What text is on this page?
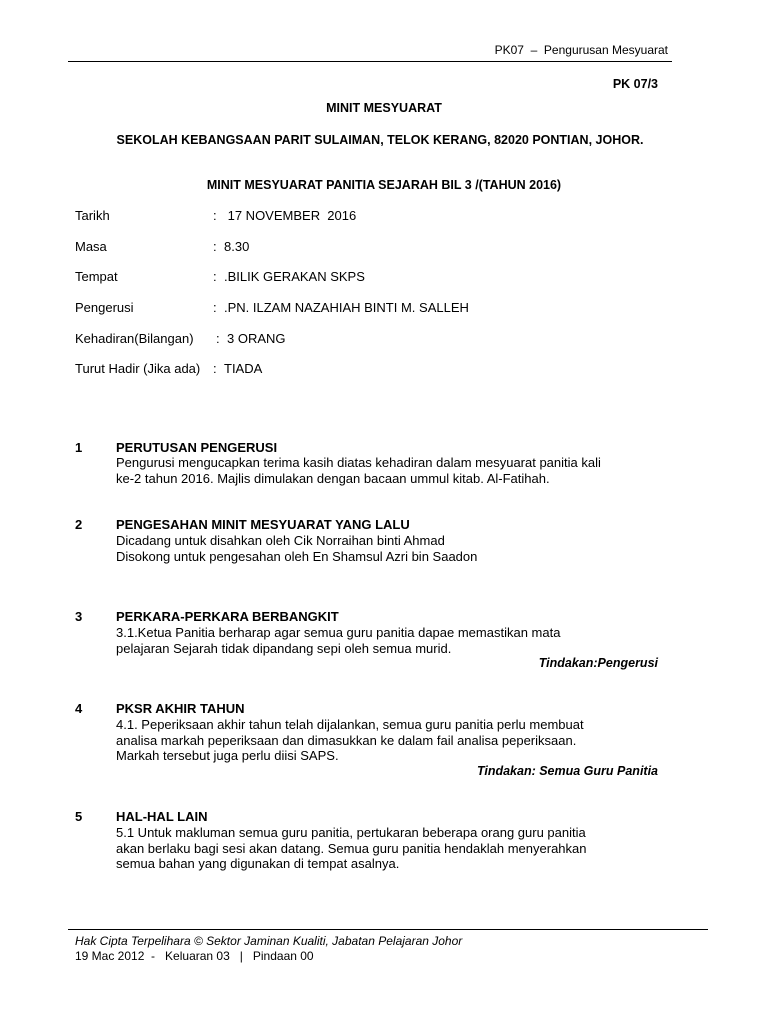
PK07  –  Pengurusan Mesyuarat
PK 07/3
MINIT MESYUARAT
SEKOLAH KEBANGSAAN PARIT SULAIMAN, TELOK KERANG, 82020 PONTIAN, JOHOR.
MINIT MESYUARAT PANITIA SEJARAH BIL 3 /(TAHUN 2016)
Tarikh	: 17 NOVEMBER  2016
Masa	: 8.30
Tempat	: .BILIK GERAKAN SKPS
Pengerusi	: .PN. ILZAM NAZAHIAH BINTI M. SALLEH
Kehadiran(Bilangan) : 3 ORANG
Turut Hadir (Jika ada) : TIADA
1	PERUTUSAN PENGERUSI
Pengurusi mengucapkan terima kasih diatas kehadiran dalam mesyuarat panitia kali
ke-2 tahun 2016. Majlis dimulakan dengan bacaan ummul kitab. Al-Fatihah.
2	PENGESAHAN MINIT MESYUARAT YANG LALU
Dicadang untuk disahkan oleh Cik Norraihan binti Ahmad
Disokong untuk pengesahan oleh En Shamsul Azri bin Saadon
3	PERKARA-PERKARA BERBANGKIT
3.1.Ketua Panitia berharap agar semua guru panitia dapae memastikan mata
pelajaran Sejarah tidak dipandang sepi oleh semua murid.
Tindakan:Pengerusi
4	PKSR AKHIR TAHUN
4.1. Peperiksaan akhir tahun telah dijalankan, semua guru panitia perlu membuat
analisa markah peperiksaan dan dimasukkan ke dalam fail analisa peperiksaan.
Markah tersebut juga perlu diisi SAPS.
Tindakan: Semua Guru Panitia
5	HAL-HAL LAIN
5.1 Untuk makluman semua guru panitia, pertukaran beberapa orang guru panitia
akan berlaku bagi sesi akan datang. Semua guru panitia hendaklah menyerahkan
semua bahan yang digunakan di tempat asalnya.
Hak Cipta Terpelihara © Sektor Jaminan Kualiti, Jabatan Pelajaran Johor
19 Mac 2012  -   Keluaran 03   |   Pindaan 00
